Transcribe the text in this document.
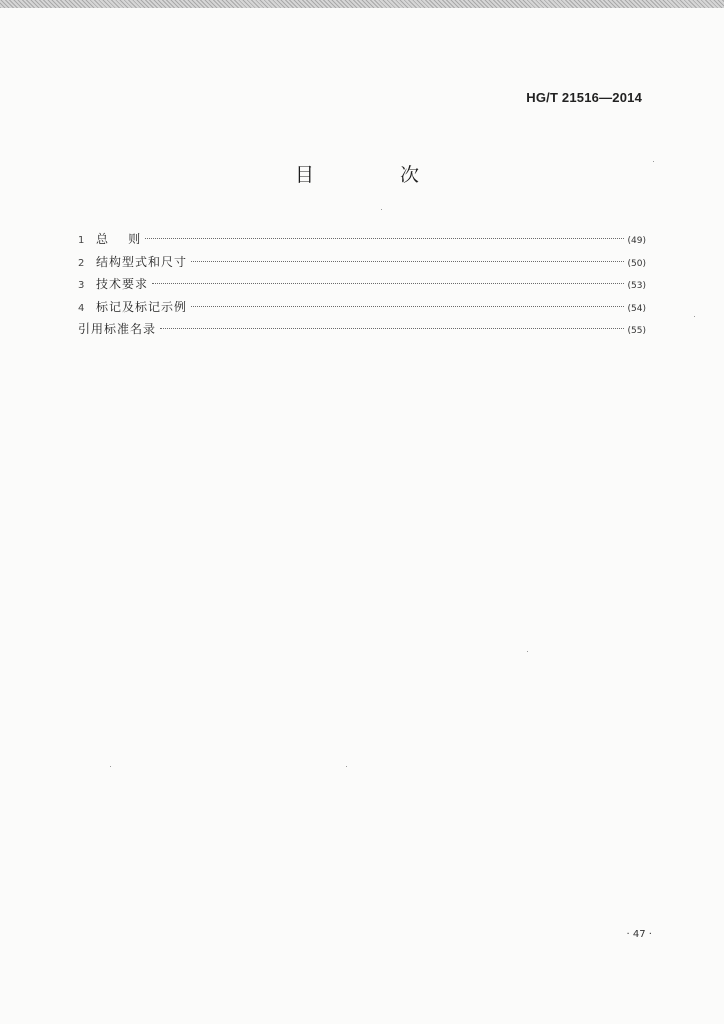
HG/T 21516—2014
目 次
1 总    则	(49)
2 结构型式和尺寸	(50)
3 技术要求	(53)
4 标记及标记示例	(54)
引用标准名录	(55)
· 47 ·
